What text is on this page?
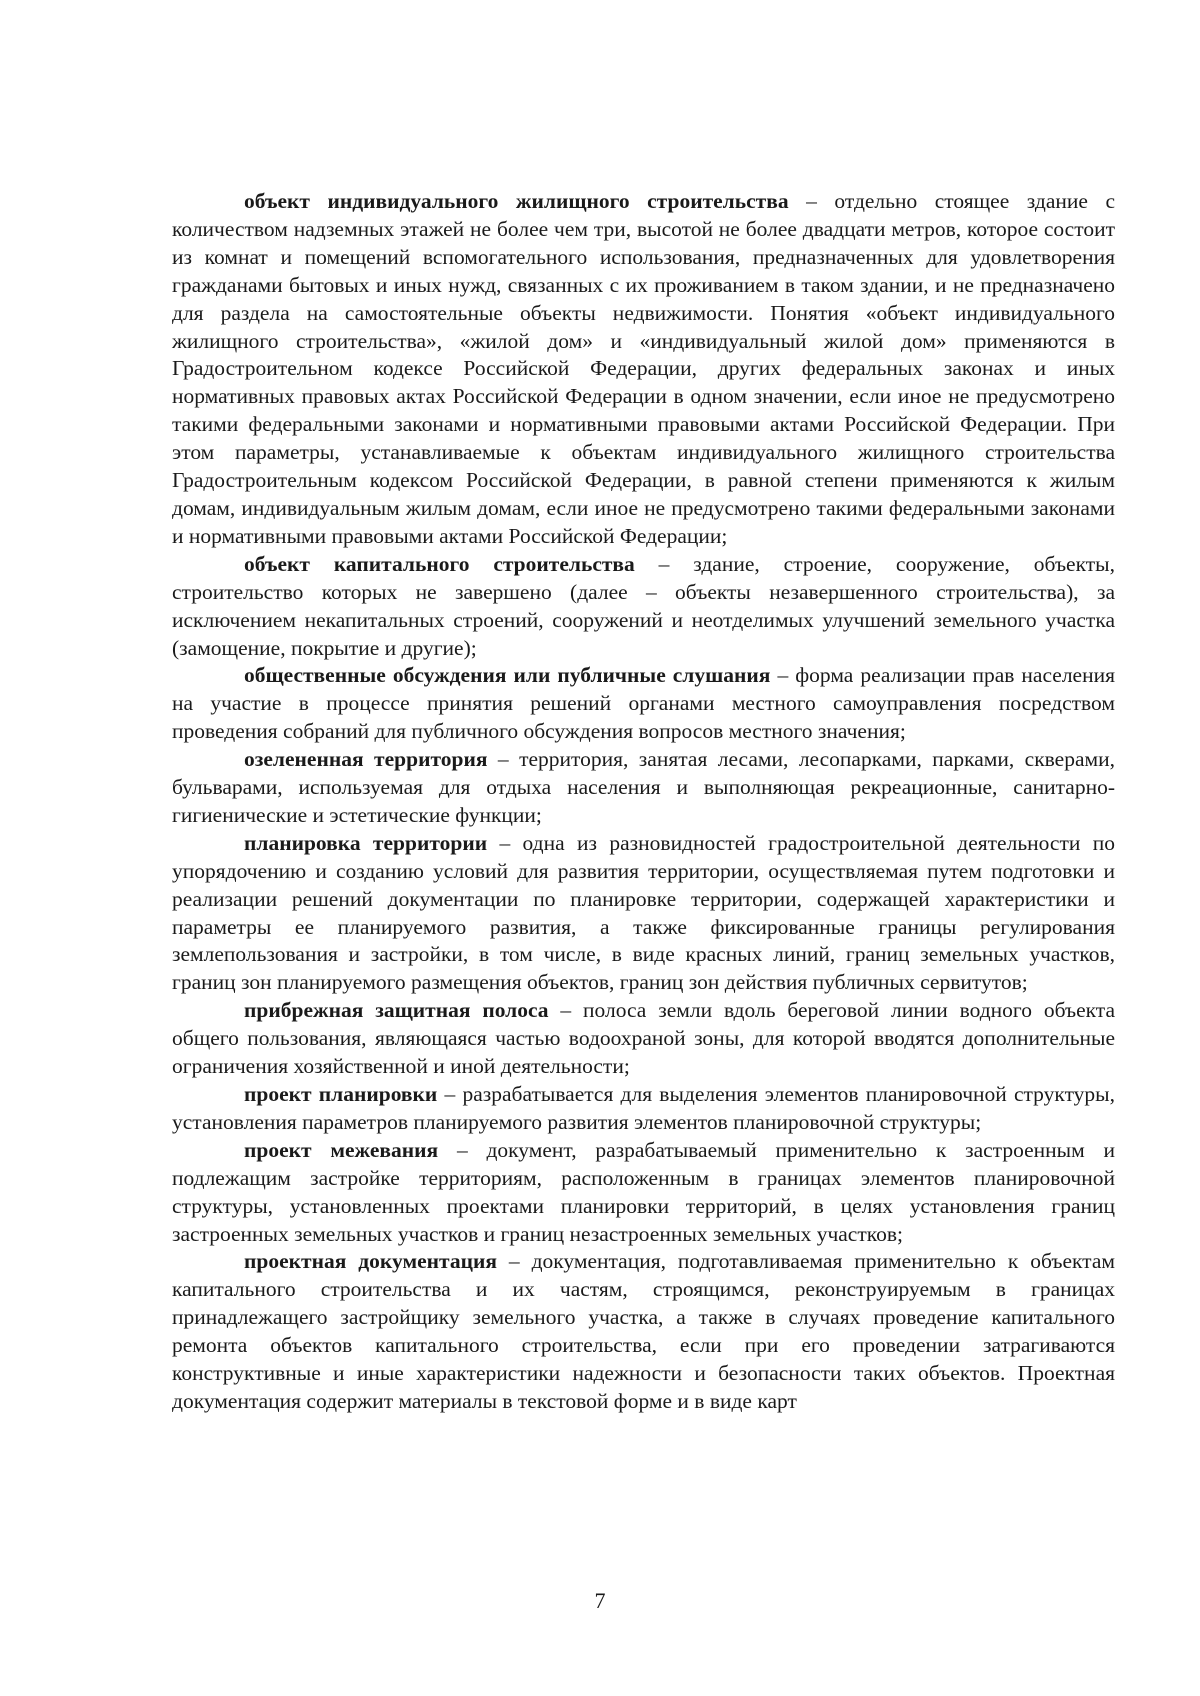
объект индивидуального жилищного строительства – отдельно стоящее здание с количеством надземных этажей не более чем три, высотой не более двадцати метров, которое состоит из комнат и помещений вспомогательного использования, предназначенных для удовлетворения гражданами бытовых и иных нужд, связанных с их проживанием в таком здании, и не предназначено для раздела на самостоятельные объекты недвижимости. Понятия «объект индивидуального жилищного строительства», «жилой дом» и «индивидуальный жилой дом» применяются в Градостроительном кодексе Российской Федерации, других федеральных законах и иных нормативных правовых актах Российской Федерации в одном значении, если иное не предусмотрено такими федеральными законами и нормативными правовыми актами Российской Федерации. При этом параметры, устанавливаемые к объектам индивидуального жилищного строительства Градостроительным кодексом Российской Федерации, в равной степени применяются к жилым домам, индивидуальным жилым домам, если иное не предусмотрено такими федеральными законами и нормативными правовыми актами Российской Федерации;

объект капитального строительства – здание, строение, сооружение, объекты, строительство которых не завершено (далее – объекты незавершенного строительства), за исключением некапитальных строений, сооружений и неотделимых улучшений земельного участка (замощение, покрытие и другие);

общественные обсуждения или публичные слушания – форма реализации прав населения на участие в процессе принятия решений органами местного самоуправления посредством проведения собраний для публичного обсуждения вопросов местного значения;

озелененная территория – территория, занятая лесами, лесопарками, парками, скверами, бульварами, используемая для отдыха населения и выполняющая рекреационные, санитарно-гигиенические и эстетические функции;

планировка территории – одна из разновидностей градостроительной деятельности по упорядочению и созданию условий для развития территории, осуществляемая путем подготовки и реализации решений документации по планировке территории, содержащей характеристики и параметры ее планируемого развития, а также фиксированные границы регулирования землепользования и застройки, в том числе, в виде красных линий, границ земельных участков, границ зон планируемого размещения объектов, границ зон действия публичных сервитутов;

прибрежная защитная полоса – полоса земли вдоль береговой линии водного объекта общего пользования, являющаяся частью водоохраной зоны, для которой вводятся дополнительные ограничения хозяйственной и иной деятельности;

проект планировки – разрабатывается для выделения элементов планировочной структуры, установления параметров планируемого развития элементов планировочной структуры;

проект межевания – документ, разрабатываемый применительно к застроенным и подлежащим застройке территориям, расположенным в границах элементов планировочной структуры, установленных проектами планировки территорий, в целях установления границ застроенных земельных участков и границ незастроенных земельных участков;

проектная документация – документация, подготавливаемая применительно к объектам капитального строительства и их частям, строящимся, реконструируемым в границах принадлежащего застройщику земельного участка, а также в случаях проведение капитального ремонта объектов капитального строительства, если при его проведении затрагиваются конструктивные и иные характеристики надежности и безопасности таких объектов. Проектная документация содержит материалы в текстовой форме и в виде карт

7
